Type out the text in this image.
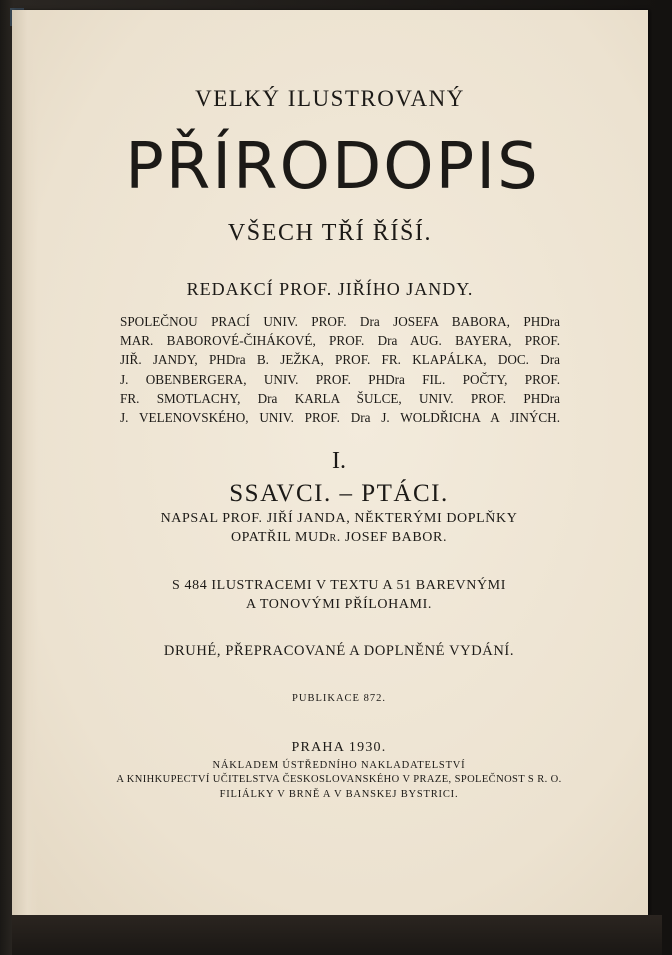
VELKÝ ILUSTROVANÝ
PŘÍRODOPIS
VŠECH TŘÍ ŘÍŠÍ.
REDAKCÍ PROF. JIŘÍHO JANDY.
SPOLEČNOU PRACÍ UNIV. PROF. Dra JOSEFA BABORA, PHDra
MAR. BABOROVÉ-ČIHÁKOVÉ, PROF. Dra AUG. BAYERA, PROF.
JIŘ. JANDY, PHDra B. JEŽKA, PROF. FR. KLAPÁLKA, DOC. Dra
J. OBENBERGERA, UNIV. PROF. PHDra FIL. POČTY, PROF.
FR. SMOTLACHY, Dra KARLA ŠULCE, UNIV. PROF. PHDra
J. VELENOVSKÉHO, UNIV. PROF. Dra J. WOLDŘICHA A JINÝCH.
I.
SSAVCI. – PTÁCI.
NAPSAL PROF. JIŘÍ JANDA, NĚKTERÝMI DOPLŇKY
OPATŘIL MUDr. JOSEF BABOR.
S 484 ILUSTRACEMI V TEXTU A 51 BAREVNÝMI
A TONOVÝMI PŘÍLOHAMI.
DRUHÉ, PŘEPRACOVANÉ A DOPLNĚNÉ VYDÁNÍ.
PUBLIKACE 872.
PRAHA 1930.
NÁKLADEM ÚSTŘEDNÍHO NAKLADATELSTVÍ
A KNIHKUPECTVÍ UČITELSTVA ČESKOSLOVANSKÉHO V PRAZE, SPOLEČNOST S R. O.
FILIÁLKY V BRNĚ A V BANSKEJ BYSTRICI.
